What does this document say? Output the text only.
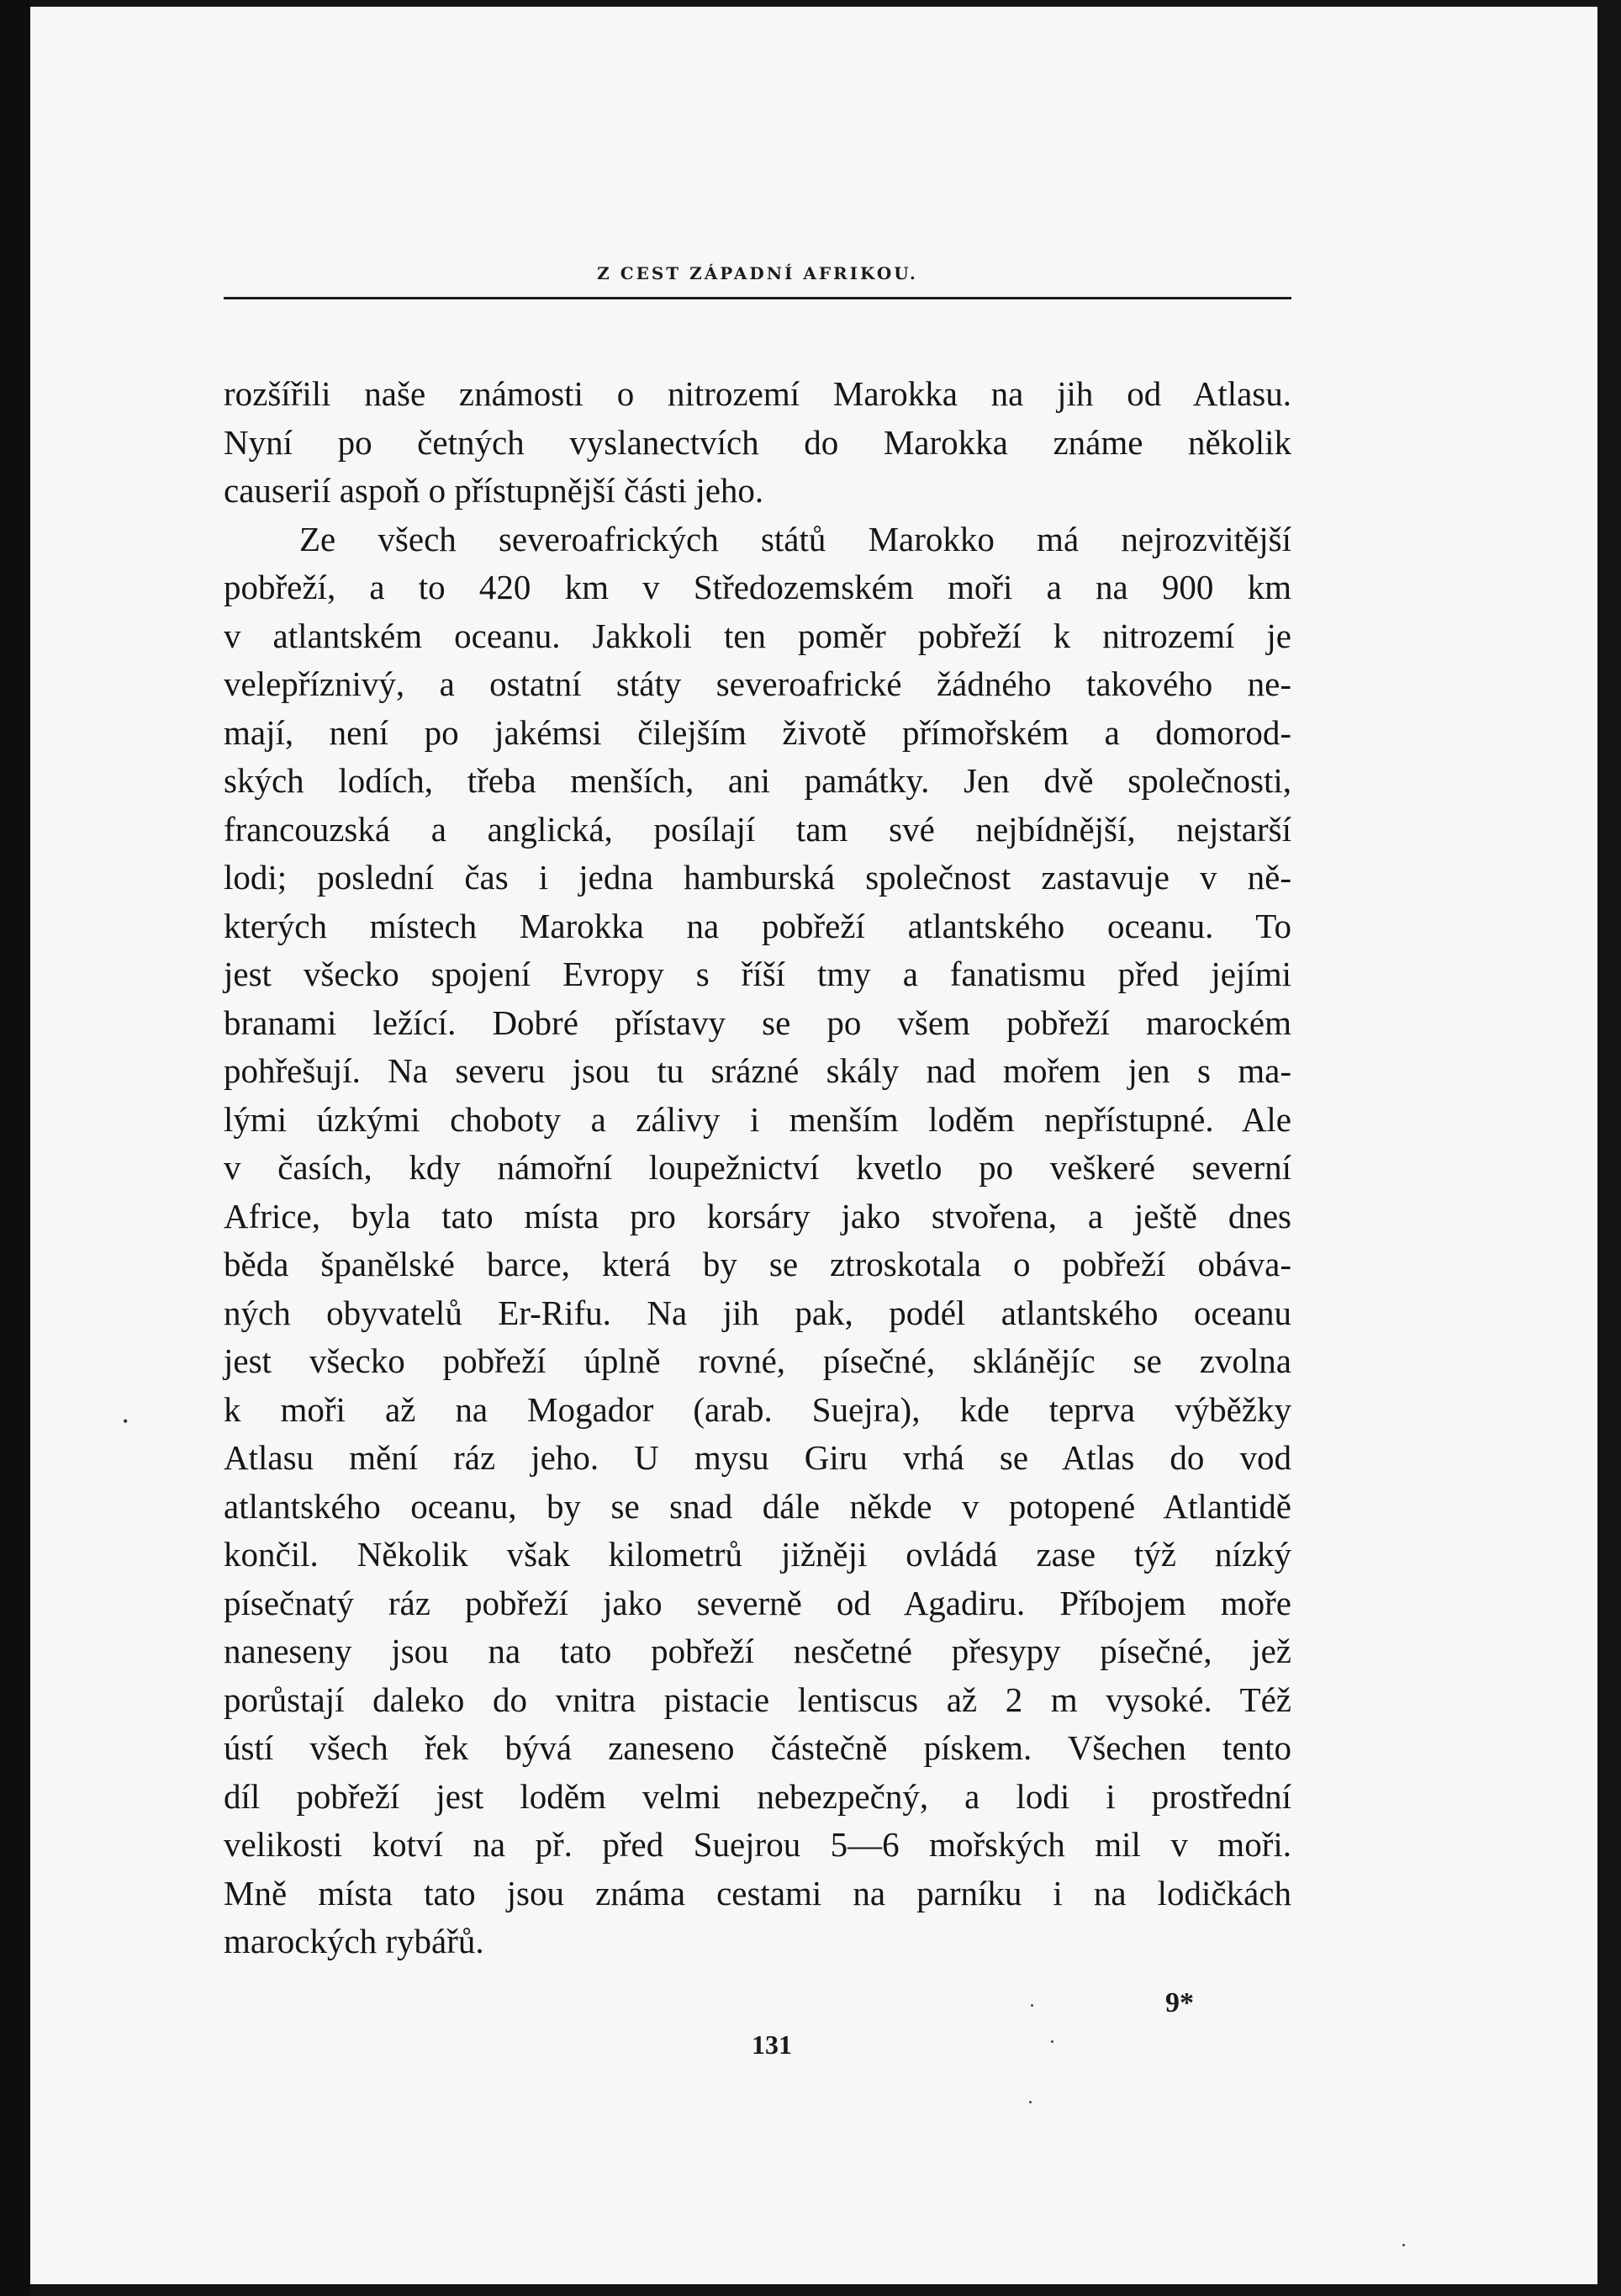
Z CEST ZÁPADNÍ AFRIKOU.
rozšířili naše známosti o nitrozemí Marokka na jih od Atlasu.
Nyní po četných vyslanectvích do Marokka známe několik
causerií aspoň o přístupnější části jeho.
Ze všech severoafrických států Marokko má nejrozvitější
pobřeží, a to 420 km v Středozemském moři a na 900 km
v atlantském oceanu. Jakkoli ten poměr pobřeží k nitrozemí je
velepříznivý, a ostatní státy severoafrické žádného takového ne-
mají, není po jakémsi čilejším životě přímořském a domorod-
ských lodích, třeba menších, ani památky. Jen dvě společnosti,
francouzská a anglická, posílají tam své nejbídnější, nejstarší
lodi; poslední čas i jedna hamburská společnost zastavuje v ně-
kterých místech Marokka na pobřeží atlantského oceanu. To
jest všecko spojení Evropy s říší tmy a fanatismu před jejími
branami ležící. Dobré přístavy se po všem pobřeží marockém
pohřešují. Na severu jsou tu srázné skály nad mořem jen s ma-
lými úzkými choboty a zálivy i menším loděm nepřístupné. Ale
v časích, kdy námořní loupežnictví kvetlo po veškeré severní
Africe, byla tato místa pro korsáry jako stvořena, a ještě dnes
běda španělské barce, která by se ztroskotala o pobřeží obáva-
ných obyvatelů Er-Rifu. Na jih pak, podél atlantského oceanu
jest všecko pobřeží úplně rovné, písečné, sklánějíc se zvolna
k moři až na Mogador (arab. Suejra), kde teprva výběžky
Atlasu mění ráz jeho. U mysu Giru vrhá se Atlas do vod
atlantského oceanu, by se snad dále někde v potopené Atlantidě
končil. Několik však kilometrů jižněji ovládá zase týž nízký
písečnatý ráz pobřeží jako severně od Agadiru. Příbojem moře
naneseny jsou na tato pobřeží nesčetné přesypy písečné, jež
porůstají daleko do vnitra pistacie lentiscus až 2 m vysoké. Též
ústí všech řek bývá zaneseno částečně pískem. Všechen tento
díl pobřeží jest loděm velmi nebezpečný, a lodi i prostřední
velikosti kotví na př. před Suejrou 5—6 mořských mil v moři.
Mně místa tato jsou známa cestami na parníku i na lodičkách
marockých rybářů.
•
9*
131
